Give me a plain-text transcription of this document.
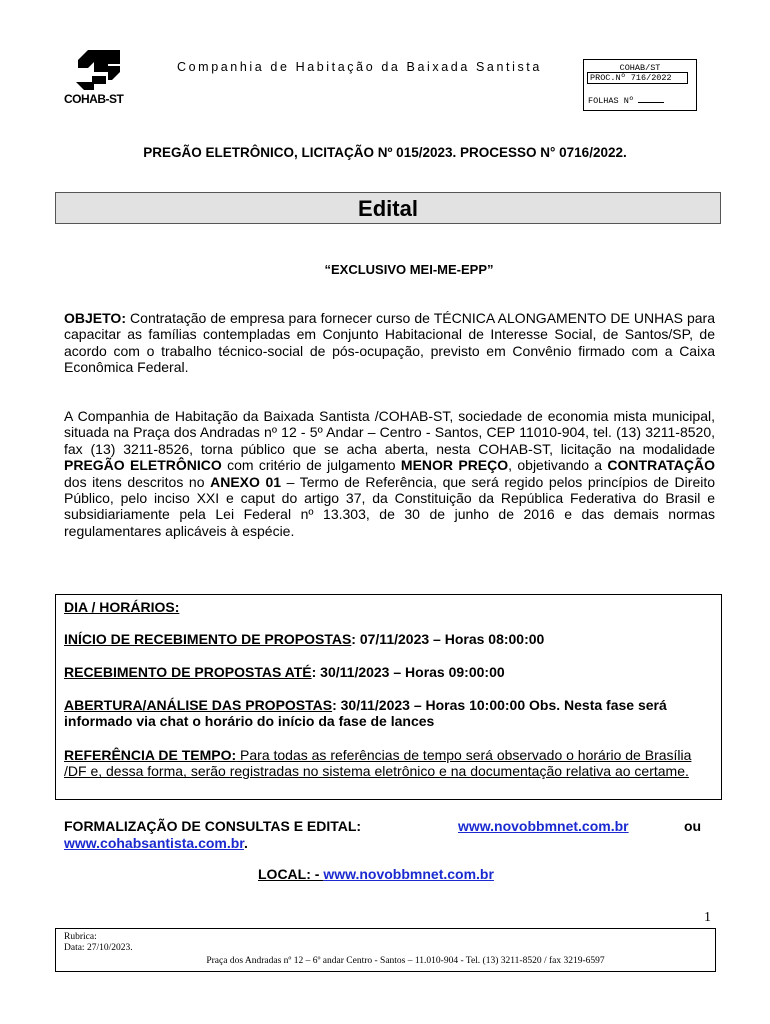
COHAB-ST
Companhia de Habitação da Baixada Santista	COHAB/ST
PROC.Nº 716/2022
FOLHAS Nº
PREGÃO ELETRÔNICO, LICITAÇÃO Nº 015/2023. PROCESSO N° 0716/2022.
Edital
“EXCLUSIVO MEI-ME-EPP”
OBJETO: Contratação de empresa para fornecer curso de TÉCNICA ALONGAMENTO DE UNHAS para capacitar as famílias contempladas em Conjunto Habitacional de Interesse Social, de Santos/SP, de acordo com o trabalho técnico-social de pós-ocupação, previsto em Convênio firmado com a Caixa Econômica Federal.
A Companhia de Habitação da Baixada Santista /COHAB-ST, sociedade de economia mista municipal, situada na Praça dos Andradas nº 12 - 5º Andar – Centro - Santos, CEP 11010-904, tel. (13) 3211-8520, fax (13) 3211-8526, torna público que se acha aberta, nesta COHAB-ST, licitação na modalidade PREGÃO ELETRÔNICO com critério de julgamento MENOR PREÇO, objetivando a CONTRATAÇÃO dos itens descritos no ANEXO 01 – Termo de Referência, que será regido pelos princípios de Direito Público, pelo inciso XXI e caput do artigo 37, da Constituição da República Federativa do Brasil e subsidiariamente pela Lei Federal nº 13.303, de 30 de junho de 2016 e das demais normas regulamentares aplicáveis à espécie.
DIA / HORÁRIOS:
INÍCIO DE RECEBIMENTO DE PROPOSTAS: 07/11/2023 – Horas 08:00:00
RECEBIMENTO DE PROPOSTAS ATÉ: 30/11/2023 – Horas 09:00:00
ABERTURA/ANÁLISE DAS PROPOSTAS: 30/11/2023 – Horas 10:00:00 Obs. Nesta fase será informado via chat o horário do início da fase de lances
REFERÊNCIA DE TEMPO: Para todas as referências de tempo será observado o horário de Brasília /DF e, dessa forma, serão registradas no sistema eletrônico e na documentação relativa ao certame.
FORMALIZAÇÃO DE CONSULTAS E EDITAL:	www.novobbmnet.com.br	ou
www.cohabsantista.com.br.
LOCAL: - www.novobbmnet.com.br
1
Rubrica:
Data: 27/10/2023.
Praça dos Andradas nº 12 – 6º andar Centro - Santos – 11.010-904 - Tel. (13) 3211-8520 / fax 3219-6597
